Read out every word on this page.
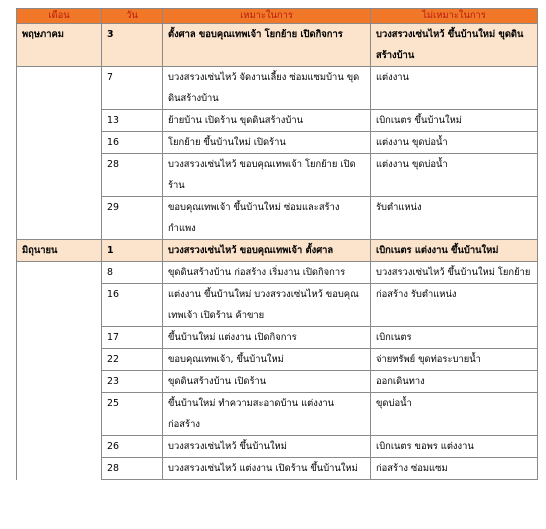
เดือน	วัน	เหมาะในการ	ไม่เหมาะในการ
พฤษภาคม	3	ตั้งศาล ขอบคุณเทพเจ้า โยกย้าย เปิดกิจการ	บวงสรวงเซ่นไหว้ ขึ้นบ้านใหม่ ขุดดินสร้างบ้าน
	7	บวงสรวงเซ่นไหว้ จัดงานเลี้ยง ซ่อมแซมบ้าน ขุดดินสร้างบ้าน	แต่งงาน
	13	ย้ายบ้าน เปิดร้าน ขุดดินสร้างบ้าน	เบิกเนตร ขึ้นบ้านใหม่
	16	โยกย้าย ขึ้นบ้านใหม่ เปิดร้าน	แต่งงาน ขุดบ่อน้ำ
	28	บวงสรวงเซ่นไหว้ ขอบคุณเทพเจ้า โยกย้าย เปิดร้าน	แต่งงาน ขุดบ่อน้ำ
	29	ขอบคุณเทพเจ้า ขึ้นบ้านใหม่ ซ่อมและสร้างกำแพง	รับตำแหน่ง
มิถุนายน	1	บวงสรวงเซ่นไหว้ ขอบคุณเทพเจ้า ตั้งศาล	เบิกเนตร แต่งงาน ขึ้นบ้านใหม่
	8	ขุดดินสร้างบ้าน ก่อสร้าง เริ่มงาน เปิดกิจการ	บวงสรวงเซ่นไหว้ ขึ้นบ้านใหม่ โยกย้าย
	16	แต่งงาน ขึ้นบ้านใหม่ บวงสรวงเซ่นไหว้ ขอบคุณเทพเจ้า เปิดร้าน ค้าขาย	ก่อสร้าง รับตำแหน่ง
	17	ขึ้นบ้านใหม่ แต่งงาน เปิดกิจการ	เบิกเนตร
	22	ขอบคุณเทพเจ้า, ขึ้นบ้านใหม่	จ่ายทรัพย์ ขุดท่อระบายน้ำ
	23	ขุดดินสร้างบ้าน เปิดร้าน	ออกเดินทาง
	25	ขึ้นบ้านใหม่ ทำความสะอาดบ้าน แต่งงาน ก่อสร้าง	ขุดบ่อน้ำ
	26	บวงสรวงเซ่นไหว้ ขึ้นบ้านใหม่	เบิกเนตร ขอพร แต่งงาน
	28	บวงสรวงเซ่นไหว้ แต่งงาน เปิดร้าน ขึ้นบ้านใหม่	ก่อสร้าง ซ่อมแซม
